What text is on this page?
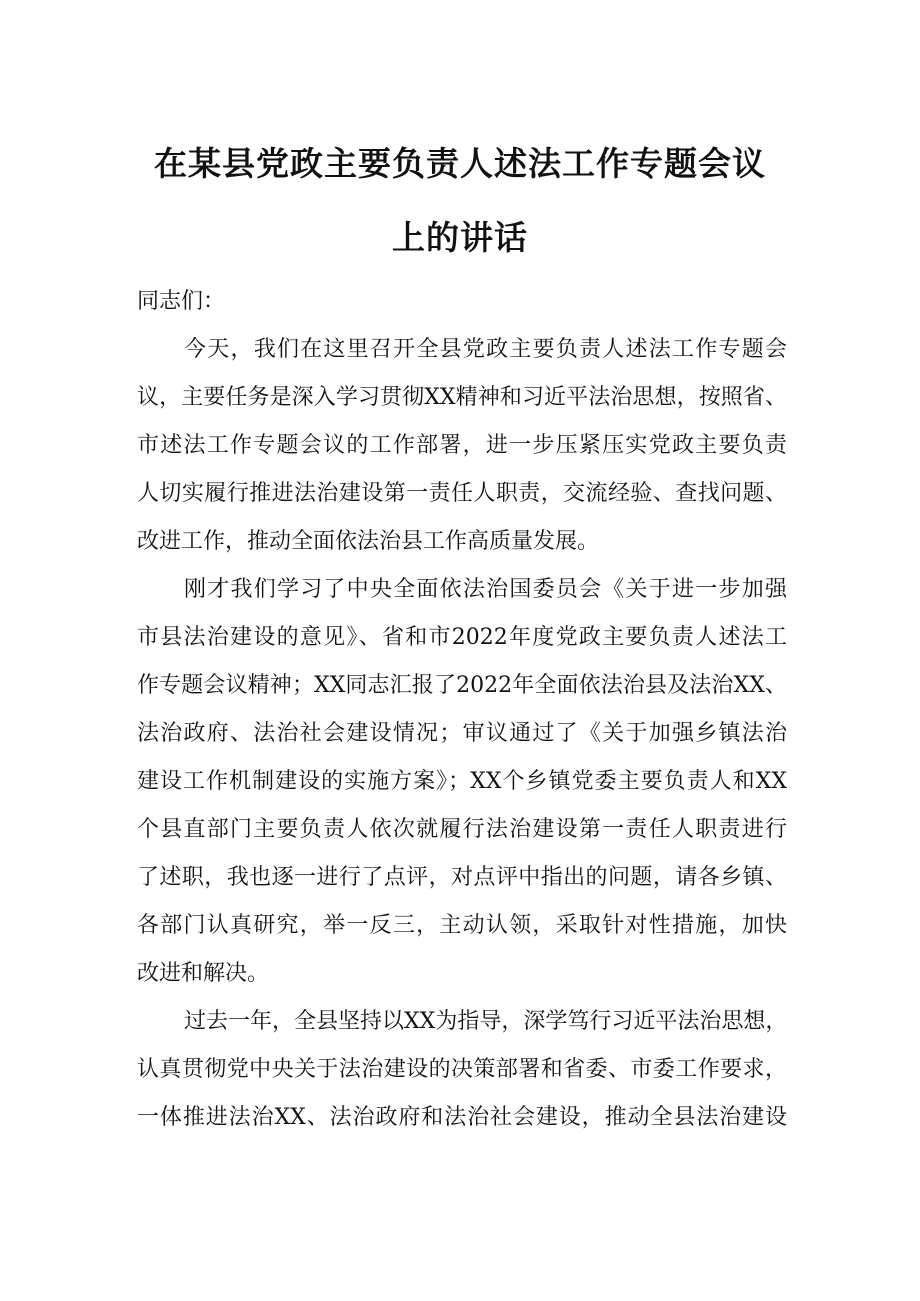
在某县党政主要负责人述法工作专题会议
上的讲话
同志们：
今天，我们在这里召开全县党政主要负责人述法工作专题会
议，主要任务是深入学习贯彻XX精神和习近平法治思想，按照省、
市述法工作专题会议的工作部署，进一步压紧压实党政主要负责
人切实履行推进法治建设第一责任人职责，交流经验、查找问题、
改进工作，推动全面依法治县工作高质量发展。
刚才我们学习了中央全面依法治国委员会《关于进一步加强
市县法治建设的意见》、省和市2022年度党政主要负责人述法工
作专题会议精神；XX同志汇报了2022年全面依法治县及法治XX、
法治政府、法治社会建设情况；审议通过了《关于加强乡镇法治
建设工作机制建设的实施方案》；XX个乡镇党委主要负责人和XX
个县直部门主要负责人依次就履行法治建设第一责任人职责进行
了述职，我也逐一进行了点评，对点评中指出的问题，请各乡镇、
各部门认真研究，举一反三，主动认领，采取针对性措施，加快
改进和解决。
过去一年，全县坚持以XX为指导，深学笃行习近平法治思想，
认真贯彻党中央关于法治建设的决策部署和省委、市委工作要求，
一体推进法治XX、法治政府和法治社会建设，推动全县法治建设
